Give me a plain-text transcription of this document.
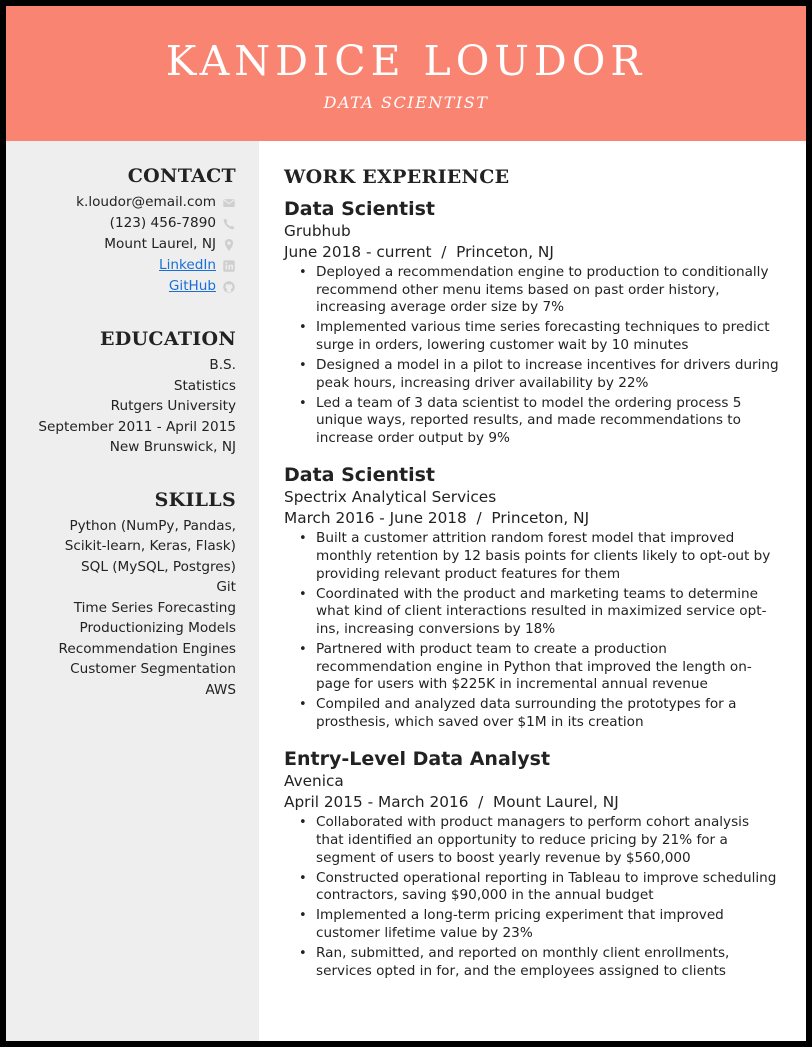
KANDICE LOUDOR
DATA SCIENTIST
CONTACT
k.loudor@email.com
(123) 456-7890
Mount Laurel, NJ
LinkedIn
GitHub
EDUCATION
B.S.
Statistics
Rutgers University
September 2011 - April 2015
New Brunswick, NJ
SKILLS
Python (NumPy, Pandas,
Scikit-learn, Keras, Flask)
SQL (MySQL, Postgres)
Git
Time Series Forecasting
Productionizing Models
Recommendation Engines
Customer Segmentation
AWS
WORK EXPERIENCE
Data Scientist
Grubhub
June 2018 - current  /  Princeton, NJ
• Deployed a recommendation engine to production to conditionally recommend other menu items based on past order history, increasing average order size by 7%
• Implemented various time series forecasting techniques to predict surge in orders, lowering customer wait by 10 minutes
• Designed a model in a pilot to increase incentives for drivers during peak hours, increasing driver availability by 22%
• Led a team of 3 data scientist to model the ordering process 5 unique ways, reported results, and made recommendations to increase order output by 9%
Data Scientist
Spectrix Analytical Services
March 2016 - June 2018  /  Princeton, NJ
• Built a customer attrition random forest model that improved monthly retention by 12 basis points for clients likely to opt-out by providing relevant product features for them
• Coordinated with the product and marketing teams to determine what kind of client interactions resulted in maximized service opt-ins, increasing conversions by 18%
• Partnered with product team to create a production recommendation engine in Python that improved the length on-page for users with $225K in incremental annual revenue
• Compiled and analyzed data surrounding the prototypes for a prosthesis, which saved over $1M in its creation
Entry-Level Data Analyst
Avenica
April 2015 - March 2016  /  Mount Laurel, NJ
• Collaborated with product managers to perform cohort analysis that identified an opportunity to reduce pricing by 21% for a segment of users to boost yearly revenue by $560,000
• Constructed operational reporting in Tableau to improve scheduling contractors, saving $90,000 in the annual budget
• Implemented a long-term pricing experiment that improved customer lifetime value by 23%
• Ran, submitted, and reported on monthly client enrollments, services opted in for, and the employees assigned to clients
